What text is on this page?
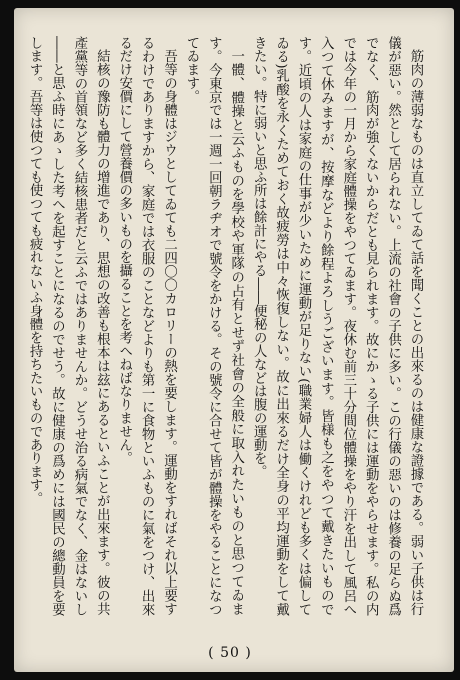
筋肉の薄弱なものは直立してゐて話を聞くことの出來るのは健康な證據である。弱い子供は行儀が惡い。然として居られない。上流の社會の子供に多い。この行儀の惡いのは修養の足らぬ爲でなく、筋肉が強くないからだとも見られます。故にかゝる子供には運動をやらせます。私の内では今年の一月から家庭體操をやつてゐます。夜休む前三十分間位體操をやり汗を出して風呂へ入つて休みますが、按摩などより餘程よろしうございます。皆様も之をやつて戴きたいものです。近頃の人は家庭の仕事が少いために運動が足りない(職業婦人は働くけれども多くは偏してゐる)乳酸を永くためておく故疲勞は中々恢復しない。故に出來るだけ全身の平均運動をして戴きたい。特に弱いと思ふ所は餘計にやる――便秘の人などは腹の運動を。

一體、體操と云ふものを學校や軍隊の占有とせず社會の全般に取入れたいものと思つてゐます。今東京では一週一回朝ラヂオで號令をかける。その號令に合せて皆が體操をやることになつてゐます。

吾等の身體はジウとしてゐても二四〇〇カロリーの熱を要します。運動をすればそれ以上要するわけでありますから、家庭では衣服のことなどよりも第一に食物といふものに氣をつけ、出來るだけ安價にして營養價の多いものを攝ることを考へねばなりません。

結核の豫防も體力の增進であり、思想の改善も根本は玆にあるといふことが出來ます。彼の共產黨等の首領など多く結核患者だと云ふではありませんか。どうせ治る病氣でなく、金はないし――と思ふ時にあゝした考へを起すことになるのでせう。故に健康の爲めには國民の總動員を要します。吾等は使つても使つても疲れないふ身體を持ちたいものであります。

( 50 )
